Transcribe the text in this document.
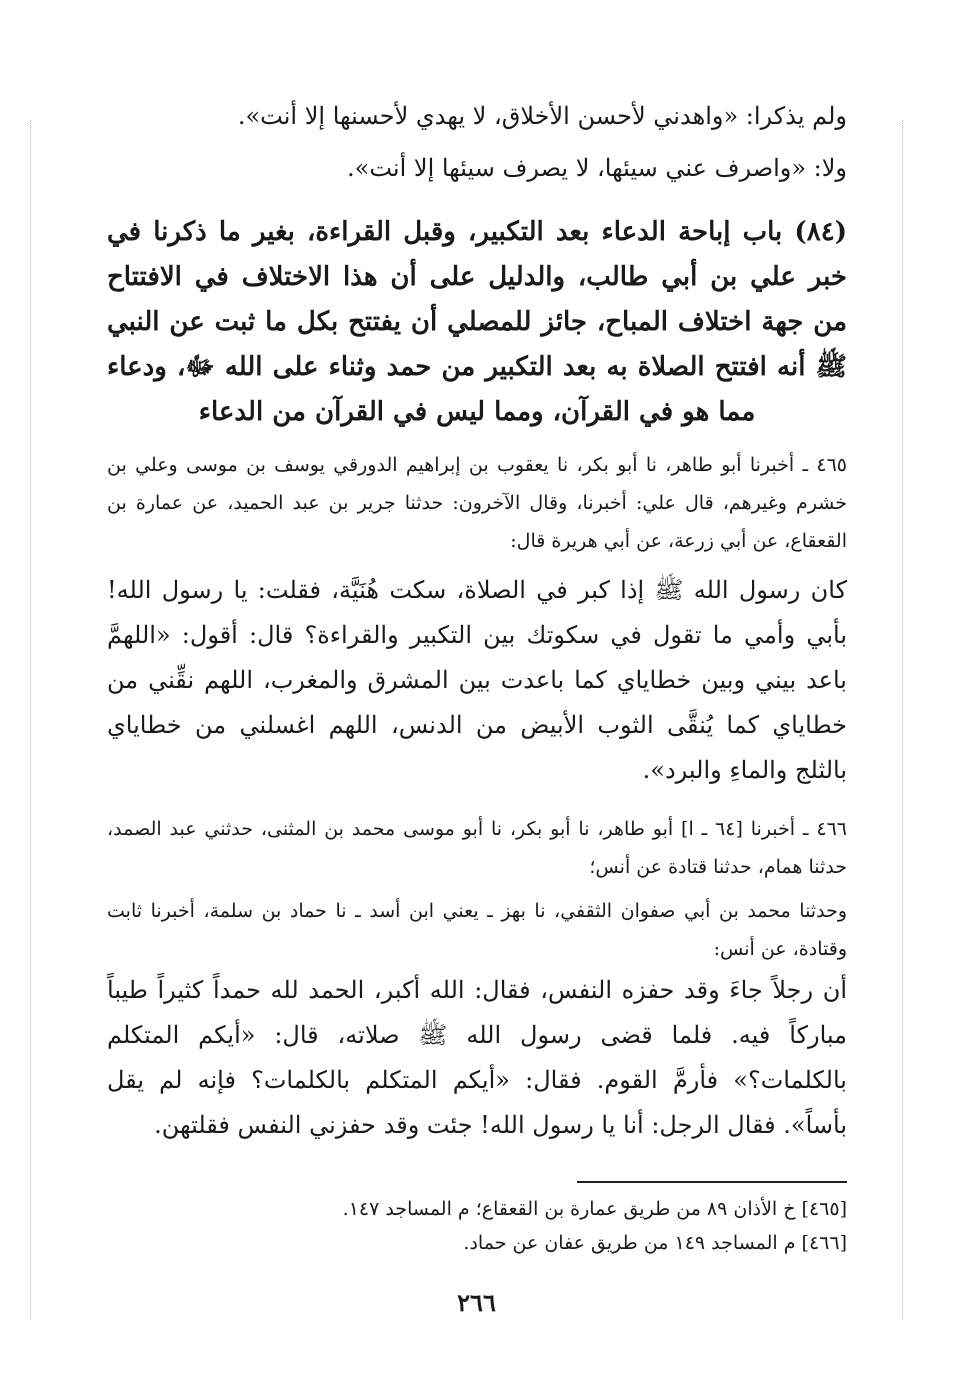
ولم يذكرا: «واهدني لأحسن الأخلاق، لا يهدي لأحسنها إلا أنت».

ولا: «واصرف عني سيئها، لا يصرف سيئها إلا أنت».

(٨٤) باب إباحة الدعاء بعد التكبير، وقبل القراءة، بغير ما ذكرنا في خبر علي بن أبي طالب، والدليل على أن هذا الاختلاف في الافتتاح من جهة اختلاف المباح، جائز للمصلي أن يفتتح بكل ما ثبت عن النبي ﷺ أنه افتتح الصلاة به بعد التكبير من حمد وثناء على الله ﷻ، ودعاء مما هو في القرآن، ومما ليس في القرآن من الدعاء
٤٦٥ ـ أخبرنا أبو طاهر، نا أبو بكر، نا يعقوب بن إبراهيم الدورقي يوسف بن موسى وعلي بن خشرم وغيرهم، قال علي: أخبرنا، وقال الآخرون: حدثنا جرير بن عبد الحميد، عن عمارة بن القعقاع، عن أبي زرعة، عن أبي هريرة قال:
كان رسول الله ﷺ إذا كبر في الصلاة، سكت هُنَيَّة، فقلت: يا رسول الله! بأبي وأمي ما تقول في سكوتك بين التكبير والقراءة؟ قال: أقول: «اللهمَّ باعد بيني وبين خطاياي كما باعدت بين المشرق والمغرب، اللهم نقِّني من خطاياي كما يُنقَّى الثوب الأبيض من الدنس، اللهم اغسلني من خطاياي بالثلج والماءِ والبرد».
٤٦٦ ـ أخبرنا [٦٤ ـ ا] أبو طاهر، نا أبو بكر، نا أبو موسى محمد بن المثنى، حدثني عبد الصمد، حدثنا همام، حدثنا قتادة عن أنس؛
وحدثنا محمد بن أبي صفوان الثقفي، نا بهز ـ يعني ابن أسد ـ نا حماد بن سلمة، أخبرنا ثابت وقتادة، عن أنس:
أن رجلاً جاءَ وقد حفزه النفس، فقال: الله أكبر، الحمد لله حمداً كثيراً طيباً مباركاً فيه. فلما قضى رسول الله ﷺ صلاته، قال: «أيكم المتكلم بالكلمات؟» فأرمَّ القوم. فقال: «أيكم المتكلم بالكلمات؟ فإنه لم يقل بأساً». فقال الرجل: أنا يا رسول الله! جئت وقد حفزني النفس فقلتهن.

[٤٦٥] خ الأذان ٨٩ من طريق عمارة بن القعقاع؛ م المساجد ١٤٧.

[٤٦٦] م المساجد ١٤٩ من طريق عفان عن حماد.

٢٦٦
